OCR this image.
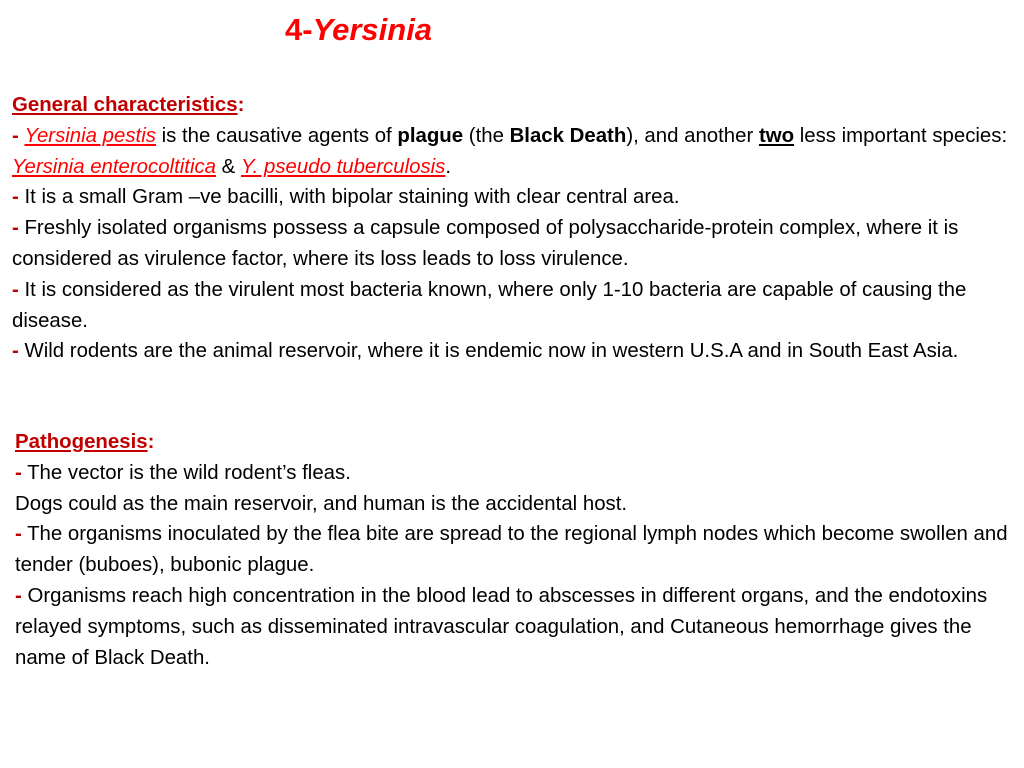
4-Yersinia

General characteristics:

- Yersinia pestis is the causative agents of plague (the Black Death), and another two less important species: Yersinia enterocoltitica & Y. pseudo tuberculosis.

- It is a small Gram –ve bacilli, with bipolar staining with clear central area.

- Freshly isolated organisms possess a capsule composed of polysaccharide-protein complex, where it is considered as virulence factor, where its loss leads to loss virulence.

- It is considered as the virulent most bacteria known, where only 1-10 bacteria are capable of causing the disease.

- Wild rodents are the animal reservoir, where it is endemic now in western U.S.A and in South East Asia.

Pathogenesis:

- The vector is the wild rodent’s fleas.

Dogs could as the main reservoir, and human is the accidental host.

- The organisms inoculated by the flea bite are spread to the regional lymph nodes which become swollen and tender (buboes), bubonic plague.

- Organisms reach high concentration in the blood lead to abscesses in different organs, and the endotoxins relayed symptoms, such as disseminated intravascular coagulation, and Cutaneous hemorrhage gives the name of Black Death.
